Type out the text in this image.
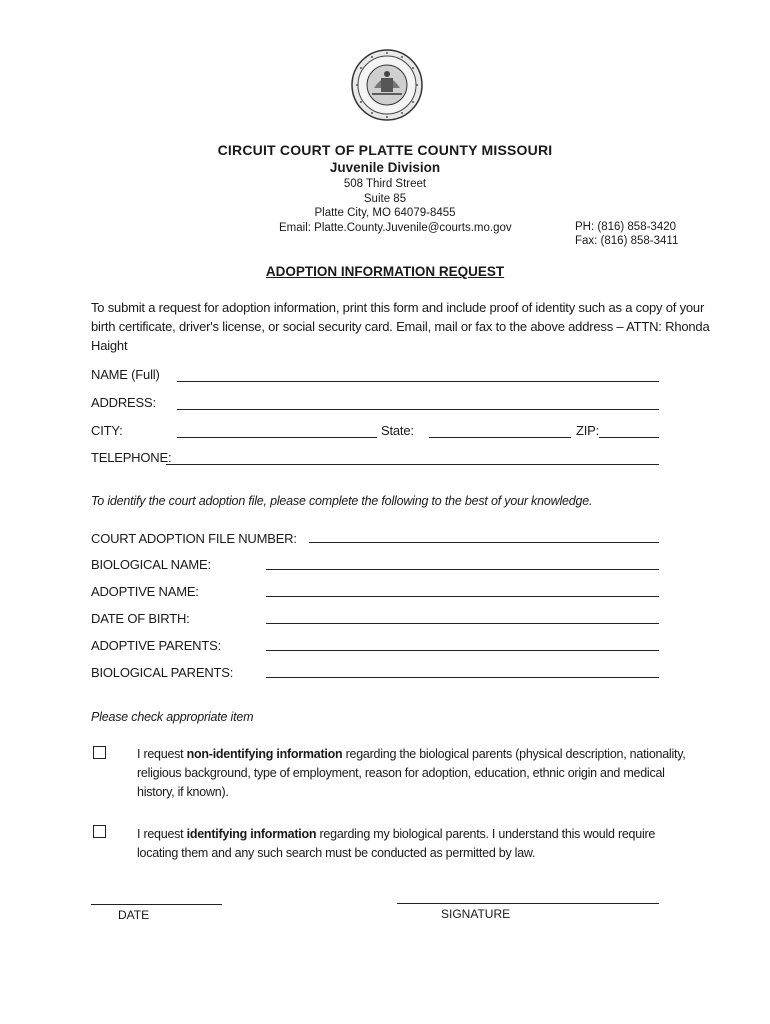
CIRCUIT COURT OF PLATTE COUNTY MISSOURI
Juvenile Division
508 Third Street
Suite 85
Platte City, MO 64079-8455
Email: Platte.County.Juvenile@courts.mo.gov	PH: (816) 858-3420
Fax: (816) 858-3411
ADOPTION INFORMATION REQUEST
To submit a request for adoption information, print this form and include proof of identity such as a copy of your birth certificate, driver's license, or social security card. Email, mail or fax to the above address – ATTN: Rhonda Haight
NAME (Full)
ADDRESS:
CITY:	State:	ZIP:
TELEPHONE:
To identify the court adoption file, please complete the following to the best of your knowledge.
COURT ADOPTION FILE NUMBER:
BIOLOGICAL NAME:
ADOPTIVE NAME:
DATE OF BIRTH:
ADOPTIVE PARENTS:
BIOLOGICAL PARENTS:
Please check appropriate item
I request non-identifying information regarding the biological parents (physical description, nationality, religious background, type of employment, reason for adoption, education, ethnic origin and medical history, if known).
I request identifying information regarding my biological parents. I understand this would require locating them and any such search must be conducted as permitted by law.
DATE	SIGNATURE
